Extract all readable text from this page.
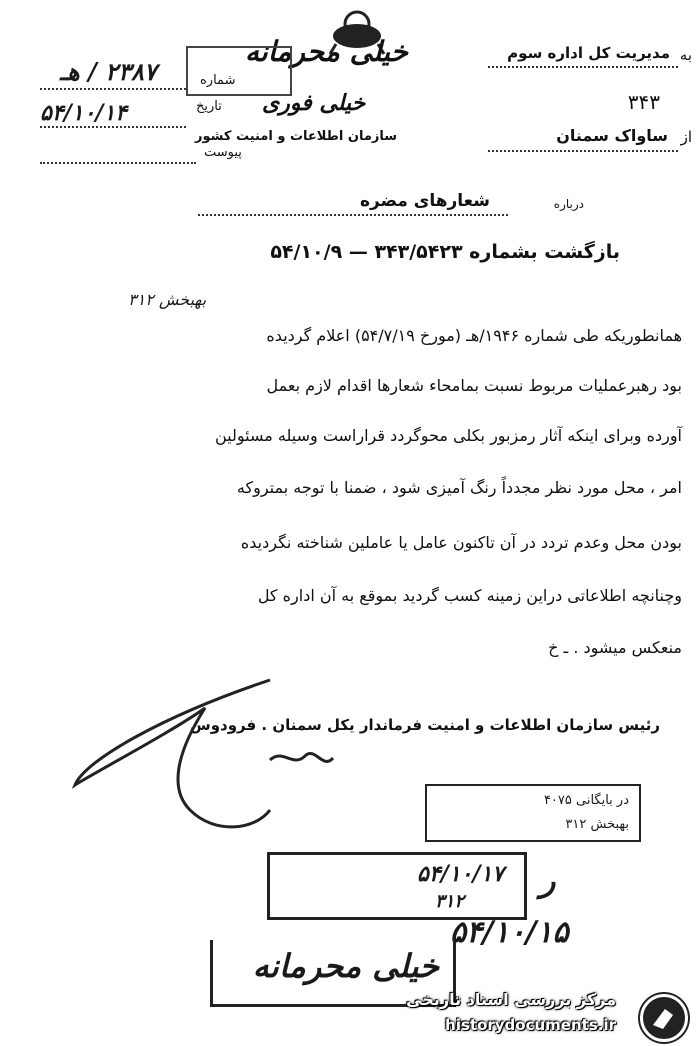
به
مدیریت کل اداره سوم
۳۴۳
از
ساواک سمنان
خیلی محرمانه
خیلی فوری
سازمان اطلاعات و امنیت کشور
شماره
۲۳۸۷ / هـ
تاریخ
۵۴/۱۰/۱۴
پیوست
درباره
شعارهای مضره
بازگشت بشماره ۳۴۳/۵۴۲۳ — ۵۴/۱۰/۹
بهبخش ۳۱۲
همانطوریکه طی شماره ۱۹۴۶/هـ (مورخ ۵۴/۷/۱۹) اعلام گردیده
بود رهبرعملیات مربوط نسبت بمامحاء شعارها اقدام لازم بعمل
آورده وبرای اینکه آثار رمزبور بکلی محوگردد قراراست وسیله مسئولین
امر ، محل مورد نظر مجدداً رنگ آمیزی شود ، ضمنا با توجه بمتروکه
بودن محل وعدم تردد در آن تاکنون عامل یا عاملین شناخته نگردیده
وچنانچه اطلاعاتی دراین زمینه کسب گردید بموقع به آن اداره کل
منعکس میشود . ـ خ
رئیس سازمان اطلاعات و امنیت فرماندار یکل سمنان . فرودوس
در بایگانی ۴۰۷۵
بهبخش ۳۱۲
۵۴/۱۰/۱۷
۳۱۲
ر
۵۴/۱۰/۱۵
خیلی محرمانه
مرکز بررسی اسناد تاریخی
historydocuments.ir
